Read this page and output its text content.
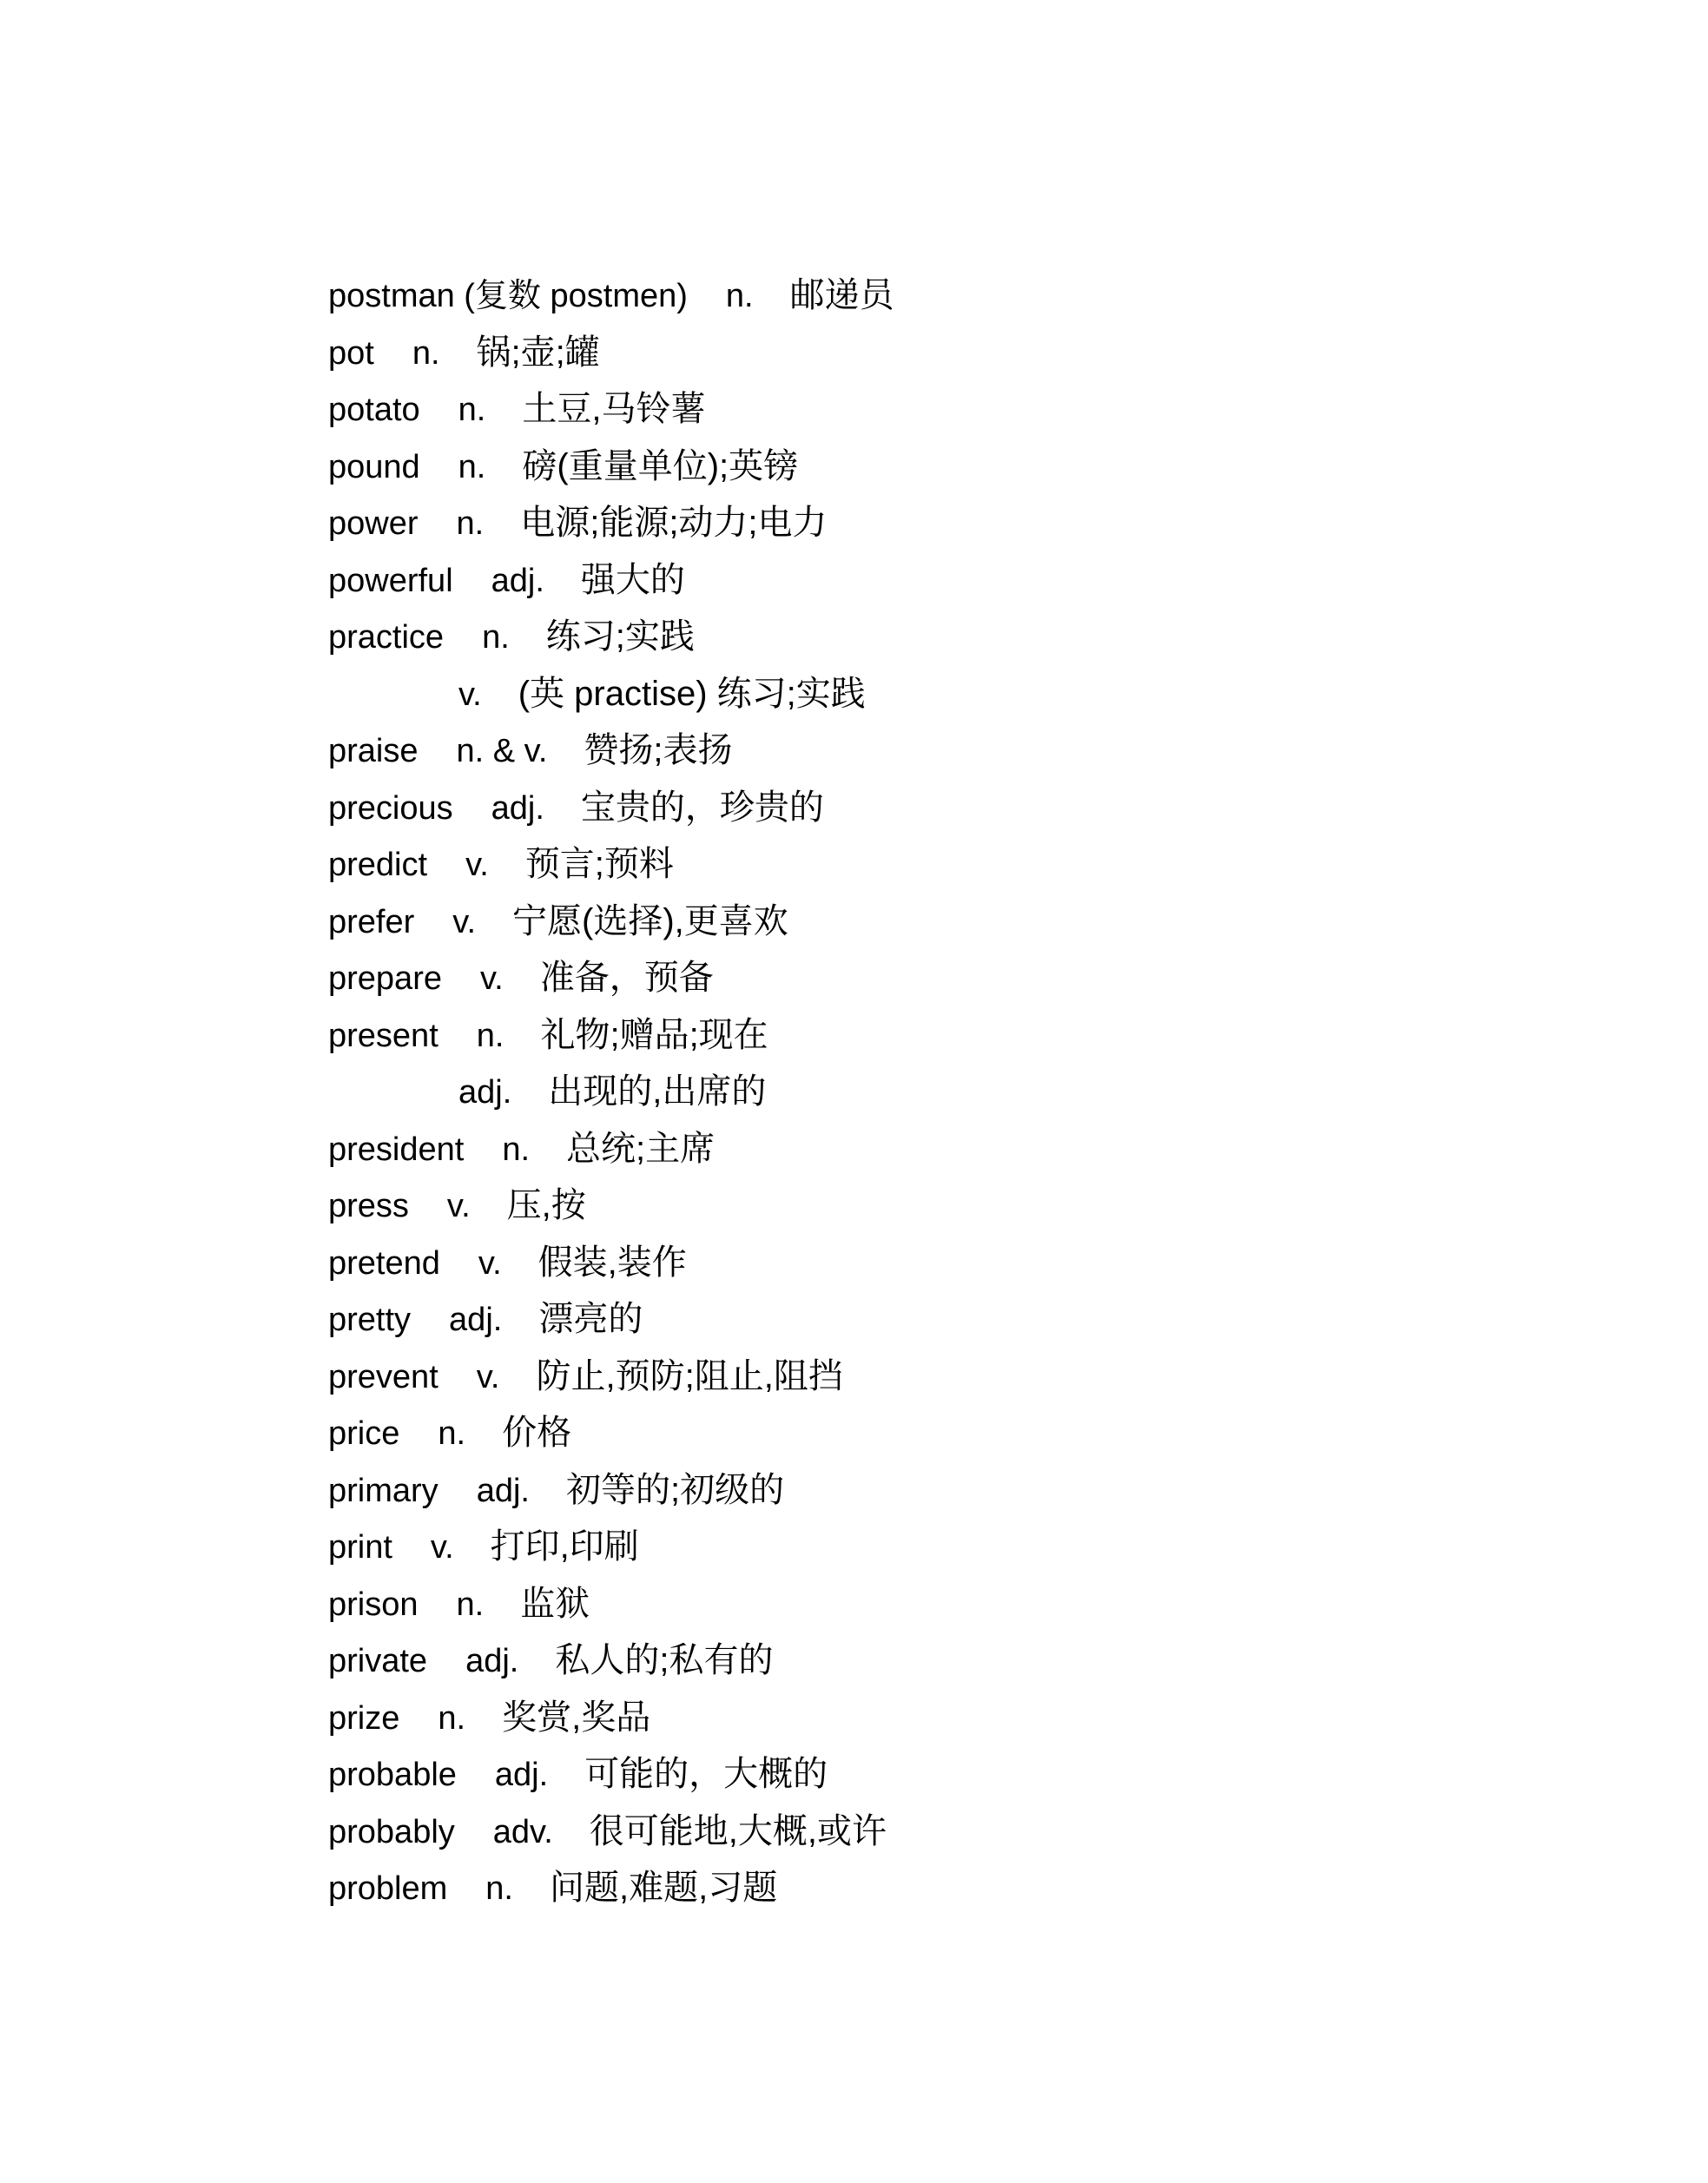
postman (复数 postmen) n. 邮递员
pot n. 锅;壶;罐
potato n. 土豆,马铃薯
pound n. 磅(重量单位);英镑
power n. 电源;能源;动力;电力
powerful adj. 强大的
practice n. 练习;实践
v. (英 practise) 练习;实践
praise n. & v. 赞扬;表扬
precious adj. 宝贵的，珍贵的
predict v. 预言;预料
prefer v. 宁愿(选择),更喜欢
prepare v. 准备，预备
present n. 礼物;赠品;现在
adj. 出现的,出席的
president n. 总统;主席
press v. 压,按
pretend v. 假装,装作
pretty adj. 漂亮的
prevent v. 防止,预防;阻止,阻挡
price n. 价格
primary adj. 初等的;初级的
print v. 打印,印刷
prison n. 监狱
private adj. 私人的;私有的
prize n. 奖赏,奖品
probable adj. 可能的，大概的
probably adv. 很可能地,大概,或许
problem n. 问题,难题,习题
